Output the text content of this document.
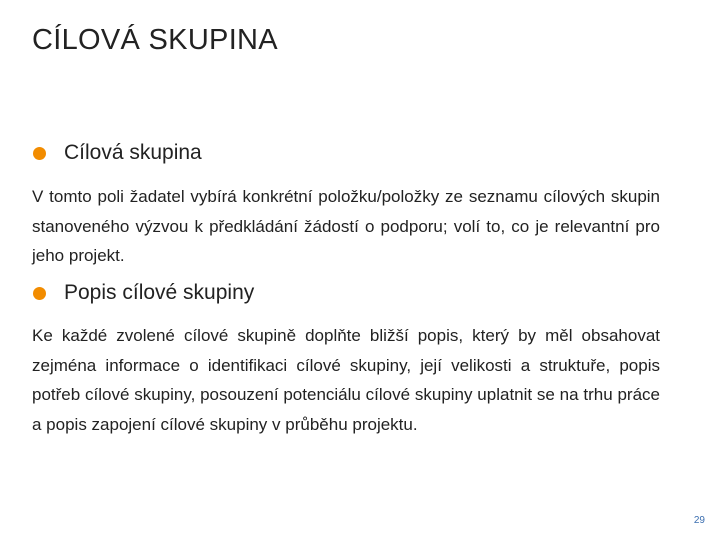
CÍLOVÁ SKUPINA
Cílová skupina
V tomto poli žadatel vybírá konkrétní položku/položky ze seznamu cílových skupin stanoveného výzvou k předkládání žádostí o podporu; volí to, co je relevantní pro jeho projekt.
Popis cílové skupiny
Ke každé zvolené cílové skupině doplňte bližší popis, který by měl obsahovat zejména informace o identifikaci cílové skupiny, její velikosti a struktuře, popis potřeb cílové skupiny, posouzení potenciálu cílové skupiny uplatnit se na trhu práce a popis zapojení cílové skupiny v průběhu projektu.
29
